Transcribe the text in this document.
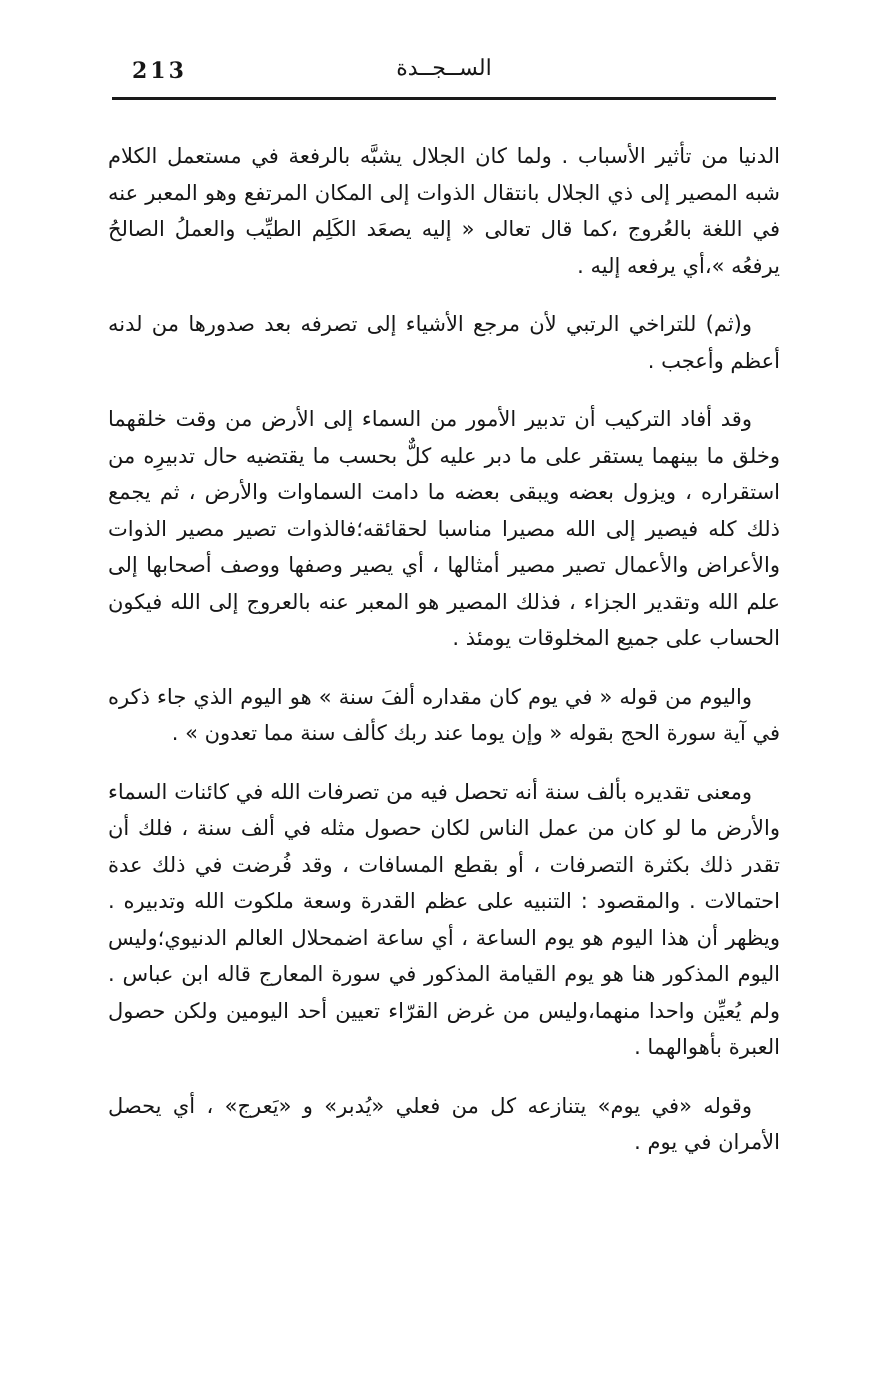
213	الســجــدة

الدنيا من تأثير الأسباب . ولما كان الجلال يشبَّه بالرفعة في مستعمل الكلام شبه المصير إلى ذي الجلال بانتقال الذوات إلى المكان المرتفع وهو المعبر عنه في اللغة بالعُروج ،كما قال تعالى « إليه يصعَد الكَلِم الطيِّب والعملُ الصالحُ يرفعُه »،أي يرفعه إليه .

و(ثم) للتراخي الرتبي لأن مرجع الأشياء إلى تصرفه بعد صدورها من لدنه أعظم وأعجب .

وقد أفاد التركيب أن تدبير الأمور من السماء إلى الأرض من وقت خلقهما وخلق ما بينهما يستقر على ما دبر عليه كلٌّ بحسب ما يقتضيه حال تدبيرِه من استقراره ، ويزول بعضه ويبقى بعضه ما دامت السماوات والأرض ، ثم يجمع ذلك كله فيصير إلى الله مصيرا مناسبا لحقائقه؛فالذوات تصير مصير الذوات والأعراض والأعمال تصير مصير أمثالها ، أي يصير وصفها ووصف أصحابها إلى علم الله وتقدير الجزاء ، فذلك المصير هو المعبر عنه بالعروج إلى الله فيكون الحساب على جميع المخلوقات يومئذ .

واليوم من قوله « في يوم كان مقداره ألفَ سنة » هو اليوم الذي جاء ذكره في آية سورة الحج بقوله « وإن يوما عند ربك كألف سنة مما تعدون » .

ومعنى تقديره بألف سنة أنه تحصل فيه من تصرفات الله في كائنات السماء والأرض ما لو كان من عمل الناس لكان حصول مثله في ألف سنة ، فلك أن تقدر ذلك بكثرة التصرفات ، أو بقطع المسافات ، وقد فُرضت في ذلك عدة احتمالات . والمقصود : التنبيه على عظم القدرة وسعة ملكوت الله وتدبيره . ويظهر أن هذا اليوم هو يوم الساعة ، أي ساعة اضمحلال العالم الدنيوي؛وليس اليوم المذكور هنا هو يوم القيامة المذكور في سورة المعارج قاله ابن عباس . ولم يُعيِّن واحدا منهما،وليس من غرض القرّاء تعيين أحد اليومين ولكن حصول العبرة بأهوالهما .

وقوله «في يوم» يتنازعه كل من فعلي «يُدبر» و «يَعرج» ، أي يحصل الأمران في يوم .
